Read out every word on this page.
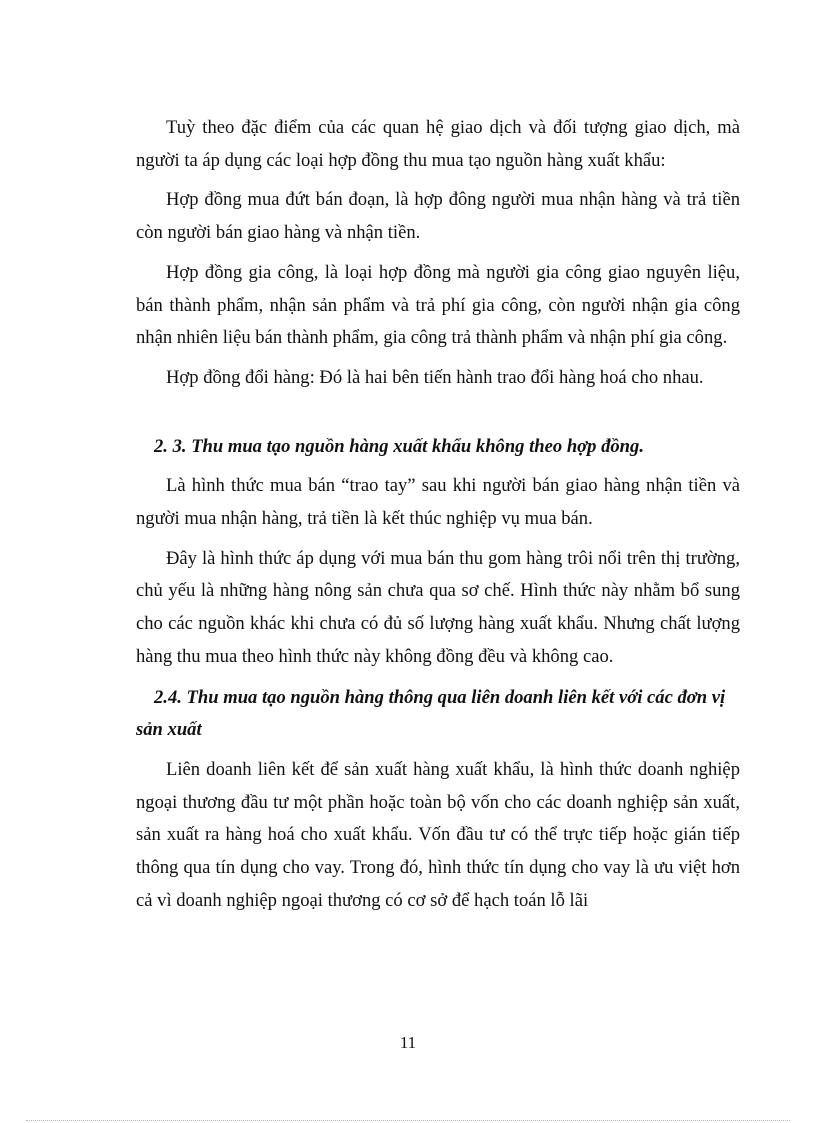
Tuỳ theo đặc điểm của các quan hệ giao dịch và đối tượng giao dịch, mà người ta áp dụng các loại hợp đồng thu mua tạo nguồn hàng xuất khẩu:

Hợp đồng mua đứt bán đoạn, là hợp đông người mua nhận hàng và trả tiền còn người bán giao hàng và nhận tiền.

Hợp đồng gia công, là loại hợp đồng mà người gia công giao nguyên liệu, bán thành phẩm, nhận sản phẩm và trả phí gia công, còn người nhận gia công nhận nhiên liệu bán thành phẩm, gia công trả thành phẩm và nhận phí gia công.

Hợp đồng đổi hàng: Đó là hai bên tiến hành trao đổi hàng hoá cho nhau.

2. 3. Thu mua tạo nguồn hàng xuất khẩu không theo hợp đồng.

Là hình thức mua bán “trao tay” sau khi người bán giao hàng nhận tiền và người mua nhận hàng, trả tiền là kết thúc nghiệp vụ mua bán.

Đây là hình thức áp dụng với mua bán thu gom hàng trôi nổi trên thị trường, chủ yếu là những hàng nông sản chưa qua sơ chế. Hình thức này nhằm bổ sung cho các nguồn khác khi chưa có đủ số lượng hàng xuất khẩu. Nhưng chất lượng hàng thu mua theo hình thức này không đồng đều và không cao.

2.4. Thu mua tạo nguồn hàng thông qua liên doanh liên kết với các đơn vị sản xuất

Liên doanh liên kết để sản xuất hàng xuất khẩu, là hình thức doanh nghiệp ngoại thương đầu tư một phần hoặc toàn bộ vốn cho các doanh nghiệp sản xuất, sản xuất ra hàng hoá cho xuất khẩu. Vốn đầu tư có thể trực tiếp hoặc gián tiếp thông qua tín dụng cho vay. Trong đó, hình thức tín dụng cho vay là ưu việt hơn cả vì doanh nghiệp ngoại thương có cơ sở để hạch toán lỗ lãi

11
